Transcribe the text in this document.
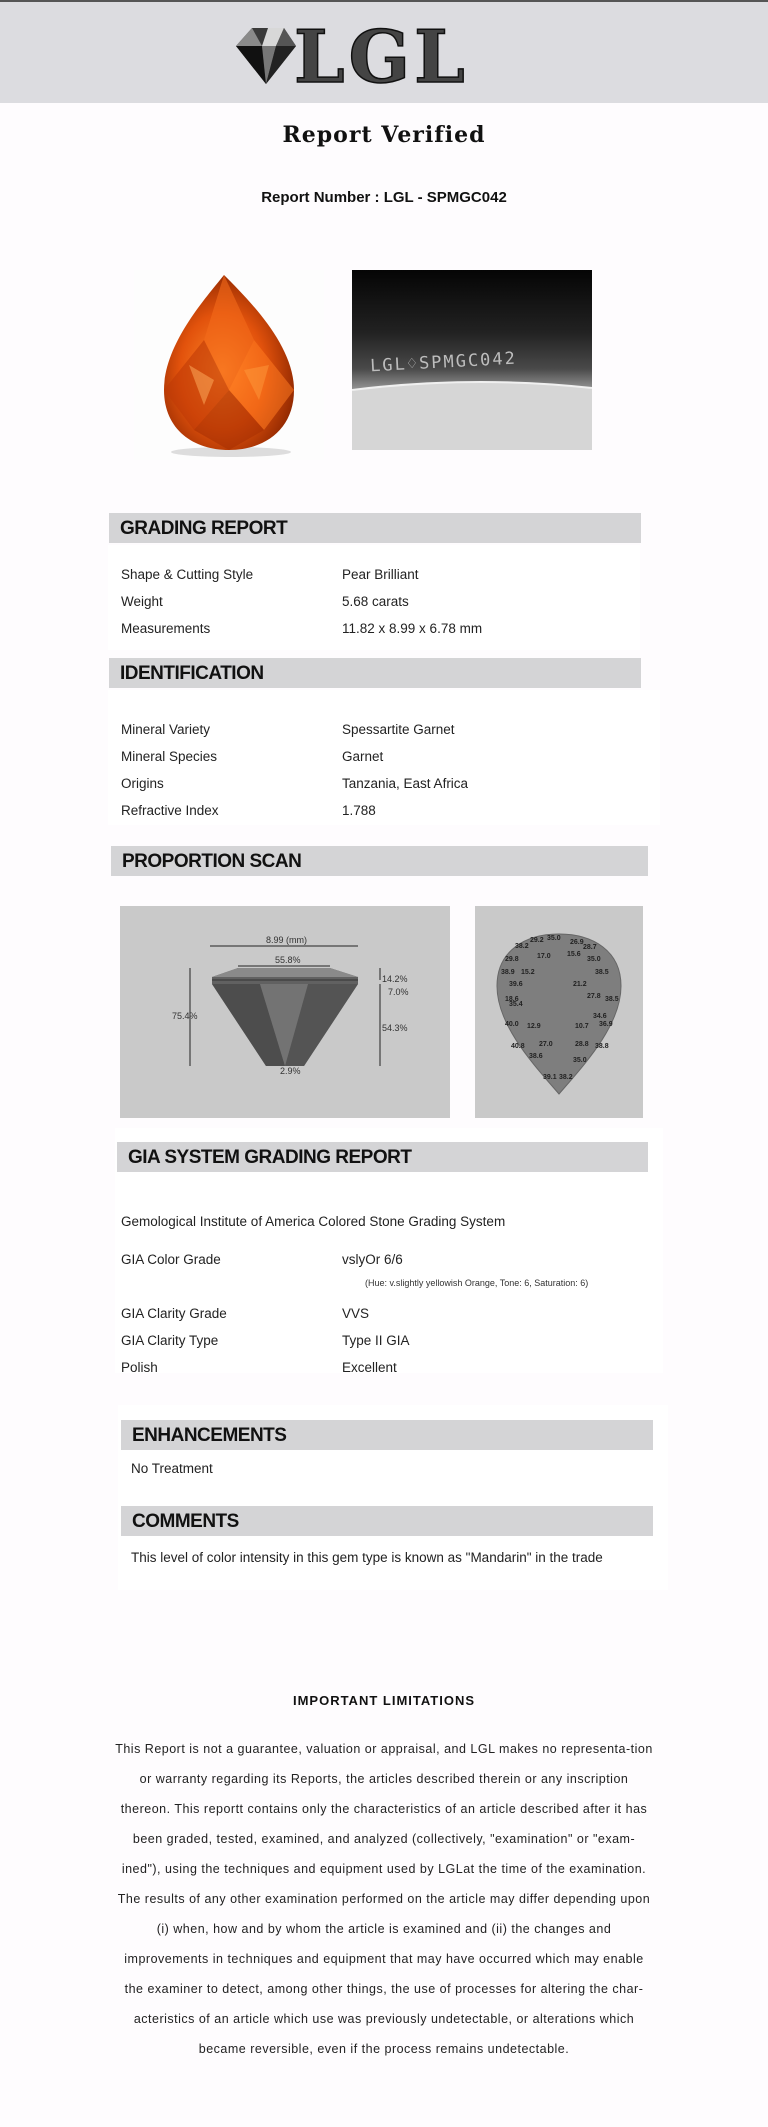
LGL
Report Verified
Report Number : LGL - SPMGC042
LGL♢SPMGC042
GRADING REPORT
Shape & Cutting Style	Pear Brilliant
Weight	5.68 carats
Measurements	11.82 x 8.99 x 6.78 mm
IDENTIFICATION
Mineral Variety	Spessartite Garnet
Mineral Species	Garnet
Origins	Tanzania, East Africa
Refractive Index	1.788
PROPORTION SCAN
8.99 (mm)
55.8%
75.4%
14.2%
7.0%
54.3%
2.9%
29.2 35.0
26.9
38.2	28.7
29.8	17.0 15.6
35.0
38.9 15.2	38.5
39.6	21.2
18.6	27.8 38.5
35.4
34.6
40.0 12.9	10.7 36.9
40.8 27.0	28.8 38.8
38.6
35.0
39.1 38.2
GIA SYSTEM GRADING REPORT
Gemological Institute of America Colored Stone Grading System
GIA Color Grade	vslyOr 6/6
(Hue: v.slightly yellowish Orange, Tone: 6, Saturation: 6)
GIA Clarity Grade	VVS
GIA Clarity Type	Type II GIA
Polish	Excellent
ENHANCEMENTS
No Treatment
COMMENTS
This level of color intensity in this gem type is known as "Mandarin" in the trade
IMPORTANT LIMITATIONS
This Report is not a guarantee, valuation or appraisal, and LGL makes no representa-tion or warranty regarding its Reports, the articles described therein or any inscription thereon. This reportt contains only the characteristics of an article described after it has been graded, tested, examined, and analyzed (collectively, "examination" or "exam-ined"), using the techniques and equipment used by LGLat the time of the examination. The results of any other examination performed on the article may differ depending upon (i) when, how and by whom the article is examined and (ii) the changes and improvements in techniques and equipment that may have occurred which may enable the examiner to detect, among other things, the use of processes for altering the char-acteristics of an article which use was previously undetectable, or alterations which became reversible, even if the process remains undetectable.
